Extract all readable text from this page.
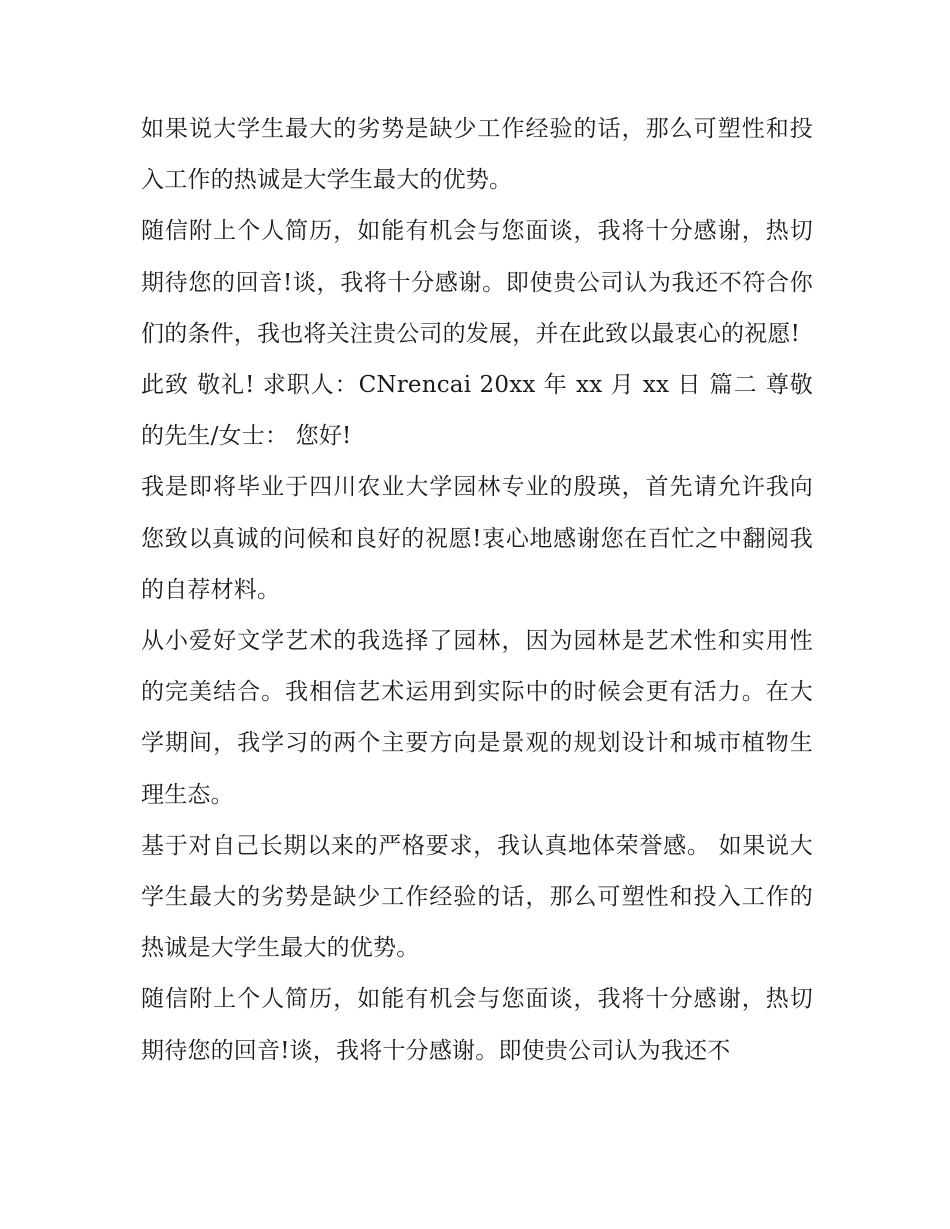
如果说大学生最大的劣势是缺少工作经验的话，那么可塑性和投入工作的热诚是大学生最大的优势。

随信附上个人简历，如能有机会与您面谈，我将十分感谢，热切期待您的回音!谈，我将十分感谢。即使贵公司认为我还不符合你们的条件，我也将关注贵公司的发展，并在此致以最衷心的祝愿!

此致 敬礼! 求职人：CNrencai 20xx 年 xx 月 xx 日 篇二 尊敬的先生/女士： 您好!

我是即将毕业于四川农业大学园林专业的殷瑛，首先请允许我向您致以真诚的问候和良好的祝愿!衷心地感谢您在百忙之中翻阅我的自荐材料。

从小爱好文学艺术的我选择了园林，因为园林是艺术性和实用性的完美结合。我相信艺术运用到实际中的时候会更有活力。在大学期间，我学习的两个主要方向是景观的规划设计和城市植物生理生态。

基于对自己长期以来的严格要求，我认真地体荣誉感。 如果说大学生最大的劣势是缺少工作经验的话，那么可塑性和投入工作的热诚是大学生最大的优势。

随信附上个人简历，如能有机会与您面谈，我将十分感谢，热切期待您的回音!谈，我将十分感谢。即使贵公司认为我还不
